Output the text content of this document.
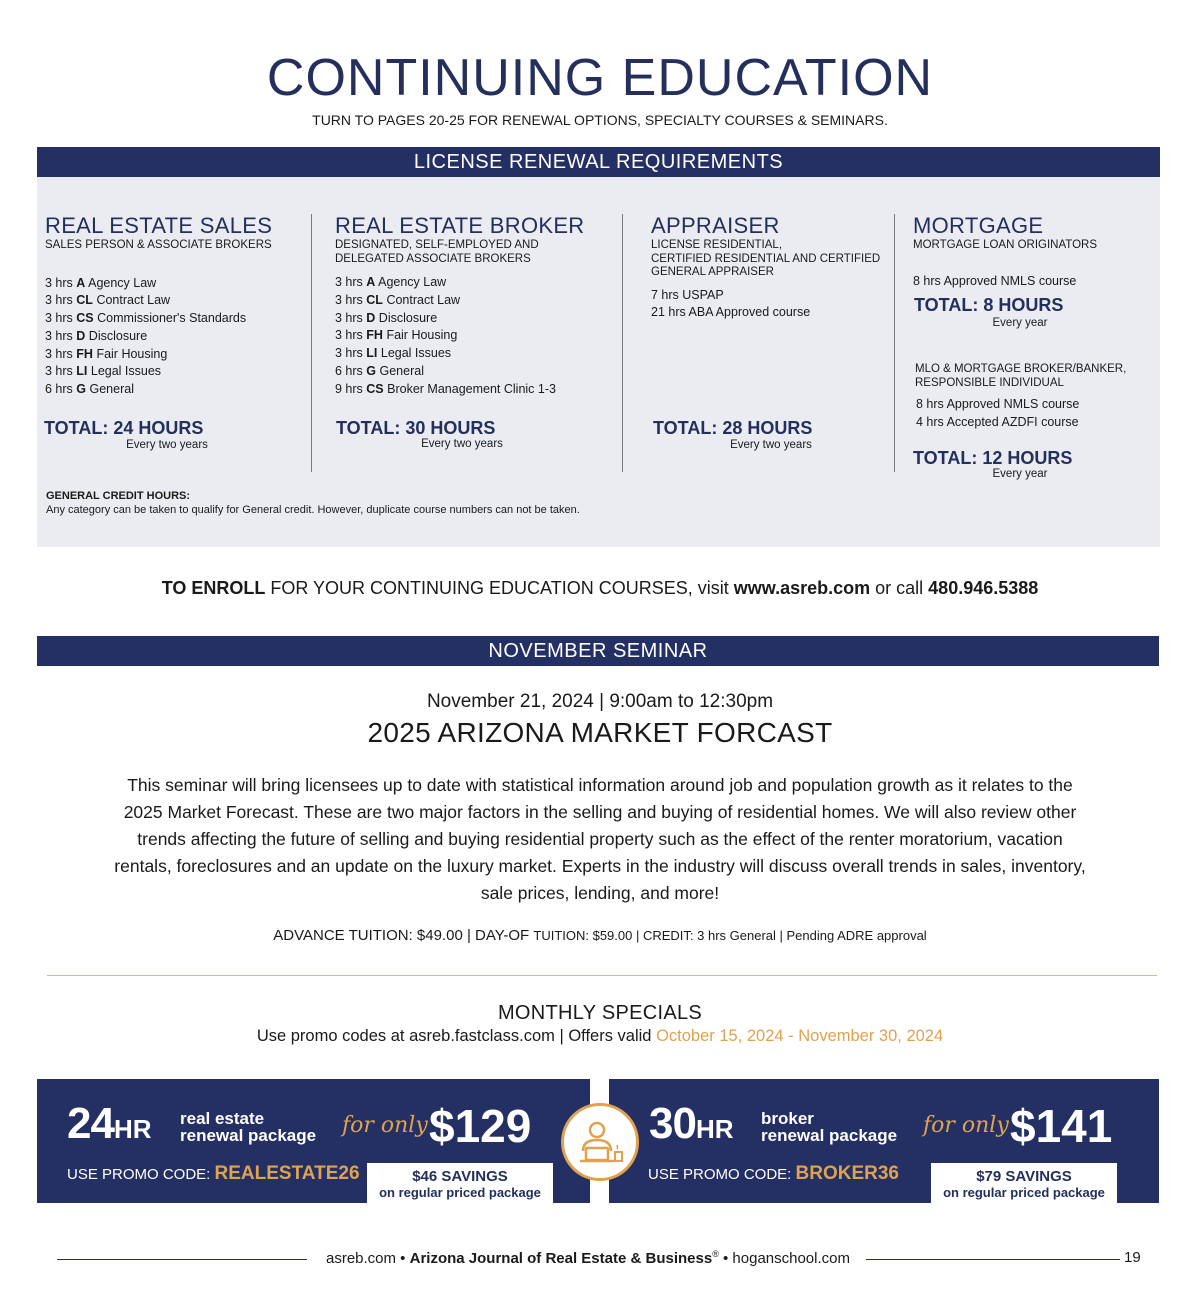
CONTINUING EDUCATION
TURN TO PAGES 20-25 FOR RENEWAL OPTIONS, SPECIALTY COURSES & SEMINARS.
LICENSE RENEWAL REQUIREMENTS
REAL ESTATE SALES
SALES PERSON & ASSOCIATE BROKERS
3 hrs A Agency Law
3 hrs CL Contract Law
3 hrs CS Commissioner's Standards
3 hrs D Disclosure
3 hrs FH Fair Housing
3 hrs LI Legal Issues
6 hrs G General
TOTAL: 24 HOURS
Every two years
REAL ESTATE BROKER
DESIGNATED, SELF-EMPLOYED AND
DELEGATED ASSOCIATE BROKERS
3 hrs A Agency Law
3 hrs CL Contract Law
3 hrs D Disclosure
3 hrs FH Fair Housing
3 hrs LI Legal Issues
6 hrs G General
9 hrs CS Broker Management Clinic 1-3
TOTAL: 30 HOURS
Every two years
APPRAISER
LICENSE RESIDENTIAL,
CERTIFIED RESIDENTIAL AND CERTIFIED
GENERAL APPRAISER
7 hrs USPAP
21 hrs ABA Approved course
TOTAL: 28 HOURS
Every two years
MORTGAGE
MORTGAGE LOAN ORIGINATORS
8 hrs Approved NMLS course
TOTAL: 8 HOURS
Every year
MLO & MORTGAGE BROKER/BANKER,
RESPONSIBLE INDIVIDUAL
8 hrs Approved NMLS course
4 hrs Accepted AZDFI course
TOTAL: 12 HOURS
Every year
GENERAL CREDIT HOURS:
Any category can be taken to qualify for General credit. However, duplicate course numbers can not be taken.
TO ENROLL FOR YOUR CONTINUING EDUCATION COURSES, visit www.asreb.com or call 480.946.5388
NOVEMBER SEMINAR
November 21, 2024 | 9:00am to 12:30pm
2025 ARIZONA MARKET FORCAST
This seminar will bring licensees up to date with statistical information around job and population growth as it relates to the 2025 Market Forecast. These are two major factors in the selling and buying of residential homes. We will also review other trends affecting the future of selling and buying residential property such as the effect of the renter moratorium, vacation rentals, foreclosures and an update on the luxury market. Experts in the industry will discuss overall trends in sales, inventory, sale prices, lending, and more!
ADVANCE TUITION: $49.00 | DAY-OF TUITION: $59.00 | CREDIT: 3 hrs General | Pending ADRE approval
MONTHLY SPECIALS
Use promo codes at asreb.fastclass.com | Offers valid October 15, 2024 - November 30, 2024
24HR real estate
renewal package for only $129
USE PROMO CODE: REALESTATE26	$46 SAVINGS
on regular priced package
30HR broker
renewal package for only $141
USE PROMO CODE: BROKER36	$79 SAVINGS
on regular priced package
asreb.com • Arizona Journal of Real Estate & Business® • hoganschool.com	19
